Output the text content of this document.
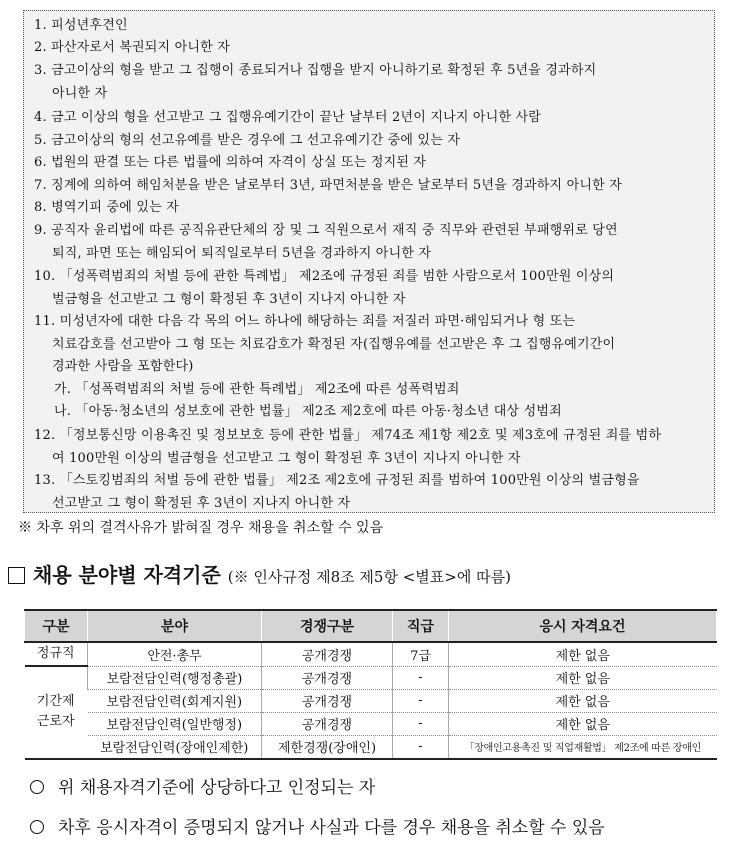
1. 피성년후견인
2. 파산자로서 복권되지 아니한 자
3. 금고이상의 형을 받고 그 집행이 종료되거나 집행을 받지 아니하기로 확정된 후 5년을 경과하지
아니한 자
4. 금고 이상의 형을 선고받고 그 집행유예기간이 끝난 날부터 2년이 지나지 아니한 사람
5. 금고이상의 형의 선고유예를 받은 경우에 그 선고유예기간 중에 있는 자
6. 법원의 판결 또는 다른 법률에 의하여 자격이 상실 또는 정지된 자
7. 징계에 의하여 해임처분을 받은 날로부터 3년, 파면처분을 받은 날로부터 5년을 경과하지 아니한 자
8. 병역기피 중에 있는 자
9. 공직자 윤리법에 따른 공직유관단체의 장 및 그 직원으로서 재직 중 직무와 관련된 부패행위로 당연
퇴직, 파면 또는 해임되어 퇴직일로부터 5년을 경과하지 아니한 자
10. 「성폭력범죄의 처벌 등에 관한 특례법」 제2조에 규정된 죄를 범한 사람으로서 100만원 이상의
벌금형을 선고받고 그 형이 확정된 후 3년이 지나지 아니한 자
11. 미성년자에 대한 다음 각 목의 어느 하나에 해당하는 죄를 저질러 파면·해임되거나 형 또는
치료감호를 선고받아 그 형 또는 치료감호가 확정된 자(집행유예를 선고받은 후 그 집행유예기간이
경과한 사람을 포함한다)
가. 「성폭력범죄의 처벌 등에 관한 특례법」 제2조에 따른 성폭력범죄
나. 「아동·청소년의 성보호에 관한 법률」 제2조 제2호에 따른 아동·청소년 대상 성범죄
12. 「정보통신망 이용촉진 및 정보보호 등에 관한 법률」 제74조 제1항 제2호 및 제3호에 규정된 죄를 범하
여 100만원 이상의 벌금형을 선고받고 그 형이 확정된 후 3년이 지나지 아니한 자
13. 「스토킹범죄의 처벌 등에 관한 법률」 제2조 제2호에 규정된 죄를 범하여 100만원 이상의 벌금형을
선고받고 그 형이 확정된 후 3년이 지나지 아니한 자
※ 차후 위의 결격사유가 밝혀질 경우 채용을 취소할 수 있음
채용 분야별 자격기준 (※ 인사규정 제8조 제5항 <별표>에 따름)
구분	분야	경쟁구분	직급	응시 자격요건
정규직	안전·총무	공개경쟁	7급	제한 없음
기간제
근로자	보람전담인력(행정총괄)	공개경쟁	-	제한 없음
	보람전담인력(회계지원)	공개경쟁	-	제한 없음
	보람전담인력(일반행정)	공개경쟁	-	제한 없음
	보람전담인력(장애인제한)	제한경쟁(장애인)	-	「장애인고용촉진 및 직업재활법」 제2조에 따른 장애인
위 채용자격기준에 상당하다고 인정되는 자
차후 응시자격이 증명되지 않거나 사실과 다를 경우 채용을 취소할 수 있음
